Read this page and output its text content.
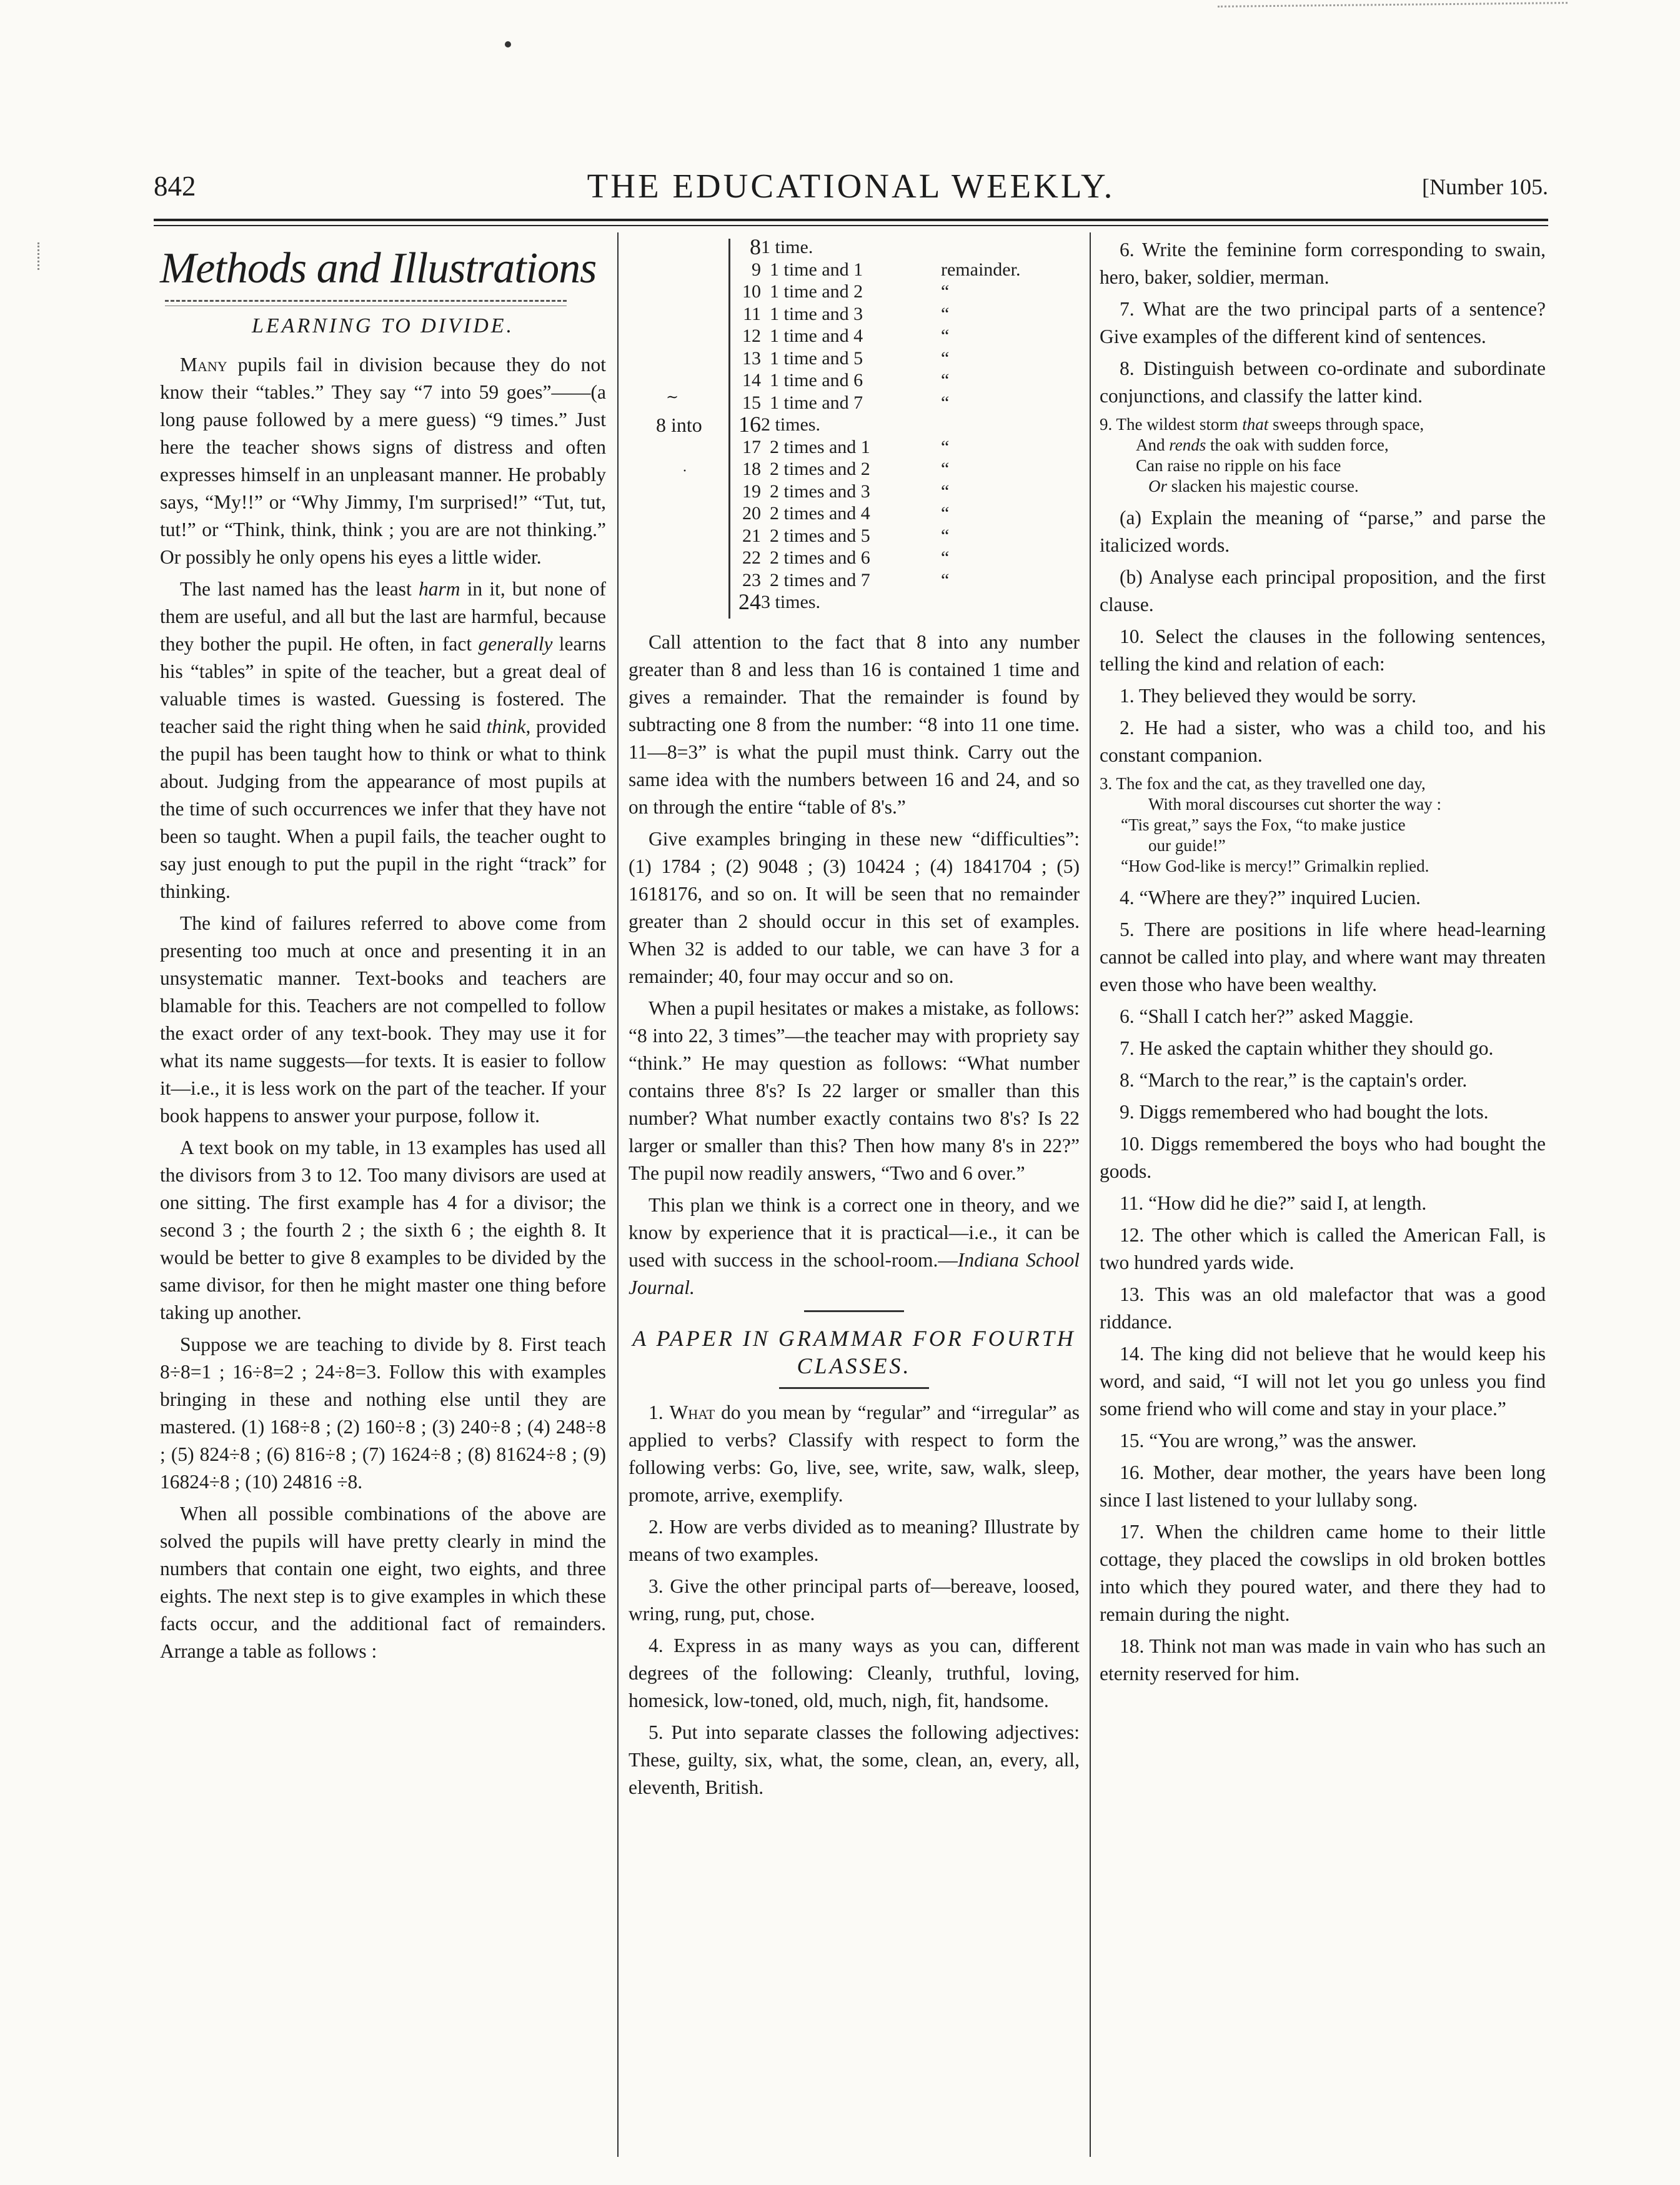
842	THE EDUCATIONAL WEEKLY.	[Number 105.
Methods and Illustrations
LEARNING TO DIVIDE.

Many pupils fail in division because they do not know their “tables.” They say “7 into 59 goes”——(a long pause followed by a mere guess) “9 times.” Just here the teacher shows signs of distress and often expresses himself in an unpleasant manner. He probably says, “My!!” or “Why Jimmy, I'm surprised!” “Tut, tut, tut!” or “Think, think, think ; you are are not thinking.” Or possibly he only opens his eyes a little wider.

The last named has the least harm in it, but none of them are useful, and all but the last are harmful, because they bother the pupil. He often, in fact generally learns his “tables” in spite of the teacher, but a great deal of valuable times is wasted. Guessing is fostered. The teacher said the right thing when he said think, provided the pupil has been taught how to think or what to think about. Judging from the appearance of most pupils at the time of such occurrences we infer that they have not been so taught. When a pupil fails, the teacher ought to say just enough to put the pupil in the right “track” for thinking.

The kind of failures referred to above come from presenting too much at once and presenting it in an unsystematic manner. Text-books and teachers are blamable for this. Teachers are not compelled to follow the exact order of any text-book. They may use it for what its name suggests—for texts. It is easier to follow it—i.e., it is less work on the part of the teacher. If your book happens to answer your purpose, follow it.

A text book on my table, in 13 examples has used all the divisors from 3 to 12. Too many divisors are used at one sitting. The first example has 4 for a divisor; the second 3 ; the fourth 2 ; the sixth 6 ; the eighth 8. It would be better to give 8 examples to be divided by the same divisor, for then he might master one thing before taking up another.

Suppose we are teaching to divide by 8. First teach 8÷8=1 ; 16÷8=2 ; 24÷8=3. Follow this with examples bringing in these and nothing else until they are mastered. (1) 168÷8 ; (2) 160÷8 ; (3) 240÷8 ; (4) 248÷8 ; (5) 824÷8 ; (6) 816÷8 ; (7) 1624÷8 ; (8) 81624÷8 ; (9) 16824÷8 ; (10) 24816 ÷8.

When all possible combinations of the above are solved the pupils will have pretty clearly in mind the numbers that contain one eight, two eights, and three eights. The next step is to give examples in which these facts occur, and the additional fact of remainders. Arrange a table as follows :

8 into
∼
·
8 1 time.
9 1 time and 1	remainder.
10 1 time and 2	“
11 1 time and 3	“
12 1 time and 4	“
13 1 time and 5	“
14 1 time and 6	“
15 1 time and 7	“
16 2 times.
17 2 times and 1	“
18 2 times and 2	“
19 2 times and 3	“
20 2 times and 4	“
21 2 times and 5	“
22 2 times and 6	“
23 2 times and 7	“
24 3 times.

Call attention to the fact that 8 into any number greater than 8 and less than 16 is contained 1 time and gives a remainder. That the remainder is found by subtracting one 8 from the number: “8 into 11 one time. 11—8=3” is what the pupil must think. Carry out the same idea with the numbers between 16 and 24, and so on through the entire “table of 8's.”

Give examples bringing in these new “difficulties”: (1) 1784 ; (2) 9048 ; (3) 10424 ; (4) 1841704 ; (5) 1618176, and so on. It will be seen that no remainder greater than 2 should occur in this set of examples. When 32 is added to our table, we can have 3 for a remainder; 40, four may occur and so on.

When a pupil hesitates or makes a mistake, as follows: “8 into 22, 3 times”—the teacher may with propriety say “think.” He may question as follows: “What number contains three 8's? Is 22 larger or smaller than this number? What number exactly contains two 8's? Is 22 larger or smaller than this? Then how many 8's in 22?” The pupil now readily answers, “Two and 6 over.”

This plan we think is a correct one in theory, and we know by experience that it is practical—i.e., it can be used with success in the school-room.—Indiana School Journal.

A PAPER IN GRAMMAR FOR FOURTH CLASSES.

1. What do you mean by “regular” and “irregular” as applied to verbs? Classify with respect to form the following verbs: Go, live, see, write, saw, walk, sleep, promote, arrive, exemplify.

2. How are verbs divided as to meaning? Illustrate by means of two examples.

3. Give the other principal parts of—bereave, loosed, wring, rung, put, chose.

4. Express in as many ways as you can, different degrees of the following: Cleanly, truthful, loving, homesick, low-toned, old, much, nigh, fit, handsome.

5. Put into separate classes the following adjectives: These, guilty, six, what, the some, clean, an, every, all, eleventh, British.

6. Write the feminine form corresponding to swain, hero, baker, soldier, merman.

7. What are the two principal parts of a sentence? Give examples of the different kind of sentences.

8. Distinguish between co-ordinate and subordinate conjunctions, and classify the latter kind.

9. The wildest storm that sweeps through space,
And rends the oak with sudden force,
Can raise no ripple on his face
Or slacken his majestic course.

(a) Explain the meaning of “parse,” and parse the italicized words.

(b) Analyse each principal proposition, and the first clause.

10. Select the clauses in the following sentences, telling the kind and relation of each:

1. They believed they would be sorry.

2. He had a sister, who was a child too, and his constant companion.

3. The fox and the cat, as they travelled one day,
With moral discourses cut shorter the way :
“Tis great,” says the Fox, “to make justice
our guide!”
“How God-like is mercy!” Grimalkin replied.

4. “Where are they?” inquired Lucien.

5. There are positions in life where head-learning cannot be called into play, and where want may threaten even those who have been wealthy.

6. “Shall I catch her?” asked Maggie.

7. He asked the captain whither they should go.

8. “March to the rear,” is the captain's order.

9. Diggs remembered who had bought the lots.

10. Diggs remembered the boys who had bought the goods.

11. “How did he die?” said I, at length.

12. The other which is called the American Fall, is two hundred yards wide.

13. This was an old malefactor that was a good riddance.

14. The king did not believe that he would keep his word, and said, “I will not let you go unless you find some friend who will come and stay in your place.”

15. “You are wrong,” was the answer.

16. Mother, dear mother, the years have been long since I last listened to your lullaby song.

17. When the children came home to their little cottage, they placed the cowslips in old broken bottles into which they poured water, and there they had to remain during the night.

18. Think not man was made in vain who has such an eternity reserved for him.
